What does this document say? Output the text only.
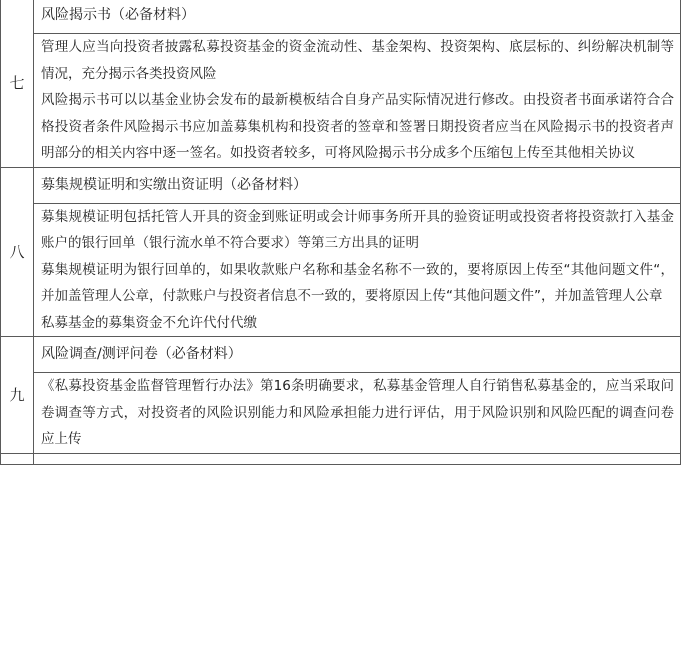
七	风险揭示书（必备材料）

	管理人应当向投资者披露私募投资基金的资金流动性、基金架构、投资架构、底层标的、纠纷解决机制等情况，充分揭示各类投资风险
风险揭示书可以以基金业协会发布的最新模板结合自身产品实际情况进行修改。由投资者书面承诺符合合格投资者条件风险揭示书应加盖募集机构和投资者的签章和签署日期投资者应当在风险揭示书的投资者声明部分的相关内容中逐一签名。如投资者较多，可将风险揭示书分成多个压缩包上传至其他相关协议

八	募集规模证明和实缴出资证明（必备材料）

	募集规模证明包括托管人开具的资金到账证明或会计师事务所开具的验资证明或投资者将投资款打入基金账户的银行回单（银行流水单不符合要求）等第三方出具的证明
募集规模证明为银行回单的，如果收款账户名称和基金名称不一致的，要将原因上传至“其他问题文件“，并加盖管理人公章，付款账户与投资者信息不一致的，要将原因上传“其他问题文件”，并加盖管理人公章
私募基金的募集资金不允许代付代缴

九	风险调查/测评问卷（必备材料）

	《私募投资基金监督管理暂行办法》第16条明确要求，私募基金管理人自行销售私募基金的，应当采取问卷调查等方式，对投资者的风险识别能力和风险承担能力进行评估，用于风险识别和风险匹配的调查问卷应上传
